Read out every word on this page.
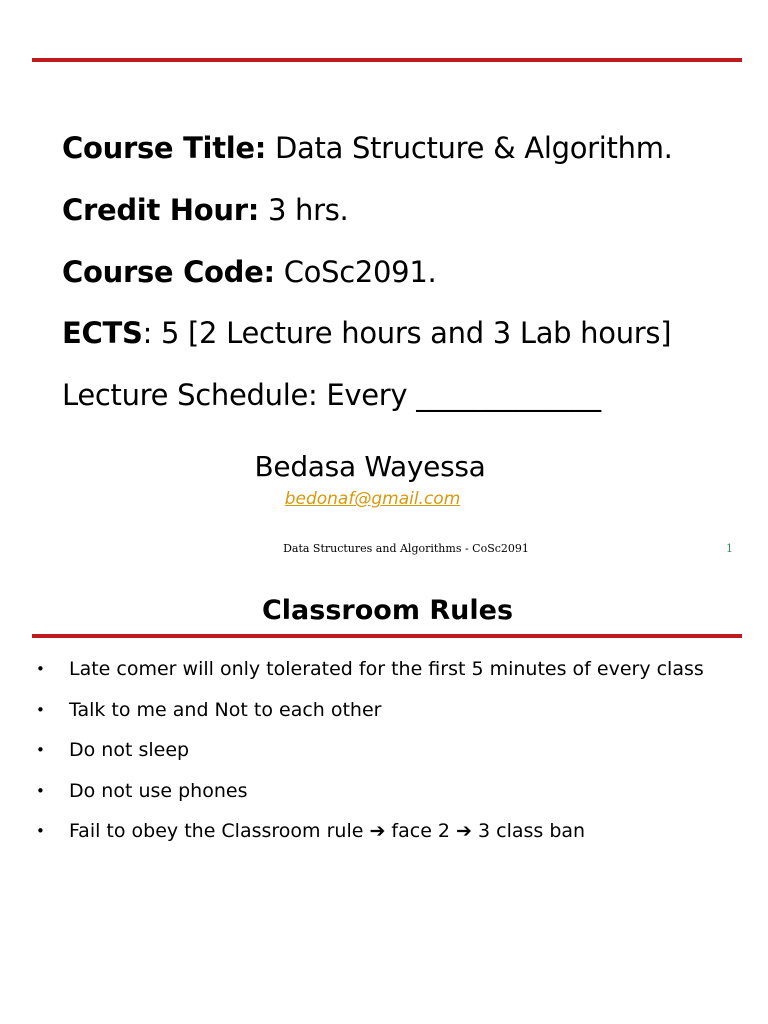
Course Title: Data Structure & Algorithm.
Credit Hour: 3 hrs.
Course Code: CoSc2091.
ECTS: 5 [2 Lecture hours and 3 Lab hours]
Lecture Schedule: Every _____________
Bedasa Wayessa
bedonaf@gmail.com
Data Structures and Algorithms - CoSc2091	1
Classroom Rules
• Late comer will only tolerated for the first 5 minutes of every class
• Talk to me and Not to each other
• Do not sleep
• Do not use phones
• Fail to obey the Classroom rule ➔ face 2 ➔ 3 class ban
